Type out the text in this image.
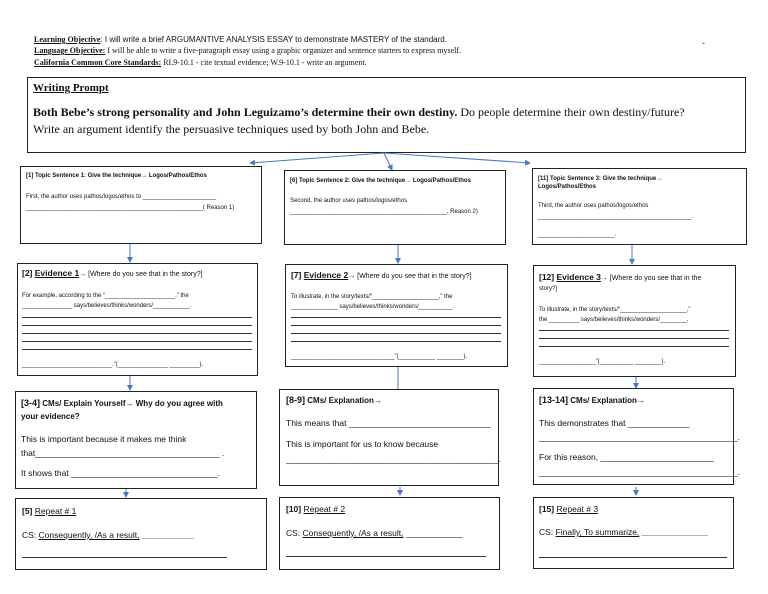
Learning Objective: I will write a brief ARGUMANTIVE ANALYSIS ESSAY to demonstrate MASTERY of the standard.
Language Objective: I will be able to write a five-paragraph essay using a graphic organizer and sentence starters to express myself.
California Common Core Standards: RI.9-10.1 - cite textual evidence; W.9-10.1 - write an argument.
-
Writing Prompt
Both Bebe’s strong personality and John Leguizamo’s determine their own destiny. Do people determine their own destiny/future?
Write an argument identify the persuasive techniques used by both John and Bebe.
[1] Topic Sentence 1: Give the technique→ Logos/Pathos/Ethos
First, the author uses pathos/logos/ethos to ______________________
_____________________________________________________( Reason 1)
[2] Evidence 1→ [Where do you see that in the story?]
For example, according to the “_____________________,” the
_______________ says/believes/thinks/wonders/___________.
___________________________.”(_______________ _________).
[3-4] CMs/ Explain Yourself→ Why do you agree with
your evidence?
This is important because it makes me think
that_______________________________________ .
It shows that _______________________________.
[5] Repeat # 1
CS: Consequently, /As a result, ___________
[6] Topic Sentence 2: Give the technique→ Logos/Pathos/Ethos
Second, the author uses pathos/logos/ethos
_______________________________________________, Reason 2)
[7] Evidence 2→ [Where do you see that in the story?]
To illustrate, in the story/texts/“____________________,” the
______________ says/believes/thinks/wonders/__________.
_______________________________”(___________ ________).
[8-9] CMs/ Explanation→
This means that ______________________________
This is important for us to know because
_____________________________________________.
[10] Repeat # 2
CS: Consequently, /As a result, ____________
[11] Topic Sentence 3: Give the technique→
Logos/Pathos/Ethos
Third, the author uses pathos/logos/ethos
______________________________________________.
_______________________.
[12] Evidence 3→ [Where do you see that in the
story?]
To illustrate, in the story/texts/“____________________,”
the _________ says/believes/thinks/wonders/________,
_________________”(__________ ________).
[13-14] CMs/ Explanation→
This demonstrates that _____________
__________________________________________.
For this reason, ________________________
__________________________________________.
[15] Repeat # 3
CS: Finally, To summarize, ______________
